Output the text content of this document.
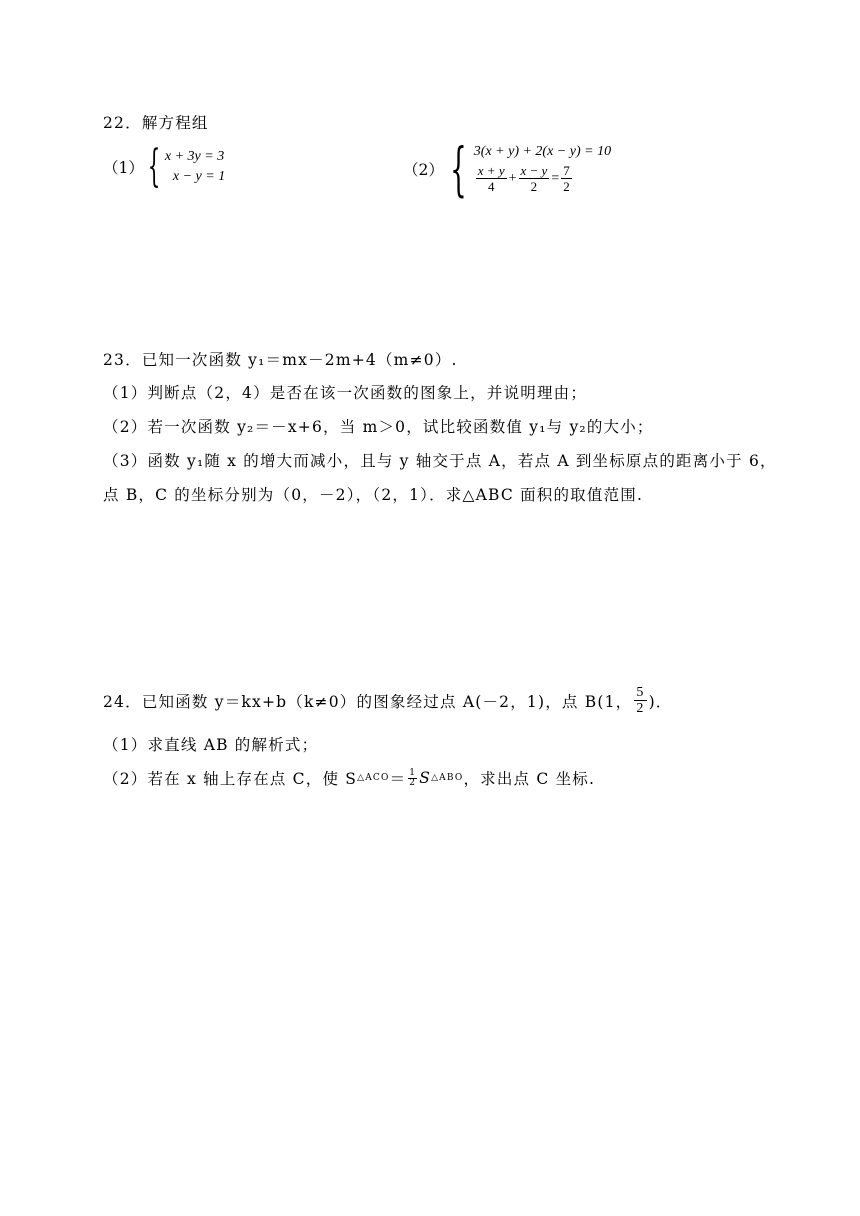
22．解方程组
（1） { x + 3y = 3
x − y = 1	（2） { 3(x + y) + 2(x − y) = 10
$\frac{x + y}{4} + \frac{x - y}{2} = \frac{7}{2}$
23．已知一次函数 y₁＝mx－2m+4（m≠0）.
（1）判断点（2，4）是否在该一次函数的图象上，并说明理由；
（2）若一次函数 y₂＝－x+6，当 m＞0，试比较函数值 y₁与 y₂的大小；
（3）函数 y₁随 x 的增大而减小，且与 y 轴交于点 A，若点 A 到坐标原点的距离小于 6，
点 B，C 的坐标分别为（0，－2），（2，1）．求△ABC 面积的取值范围.
24．已知函数 y＝kx+b（k≠0）的图象经过点 A(－2，1)，点 B(1， $\frac{5}{2}$ )．
（1）求直线 AB 的解析式；
（2）若在 x 轴上存在点 C，使 S △ACO ＝ $\frac{1}{2}$ S △ABO ，求出点 C 坐标.
